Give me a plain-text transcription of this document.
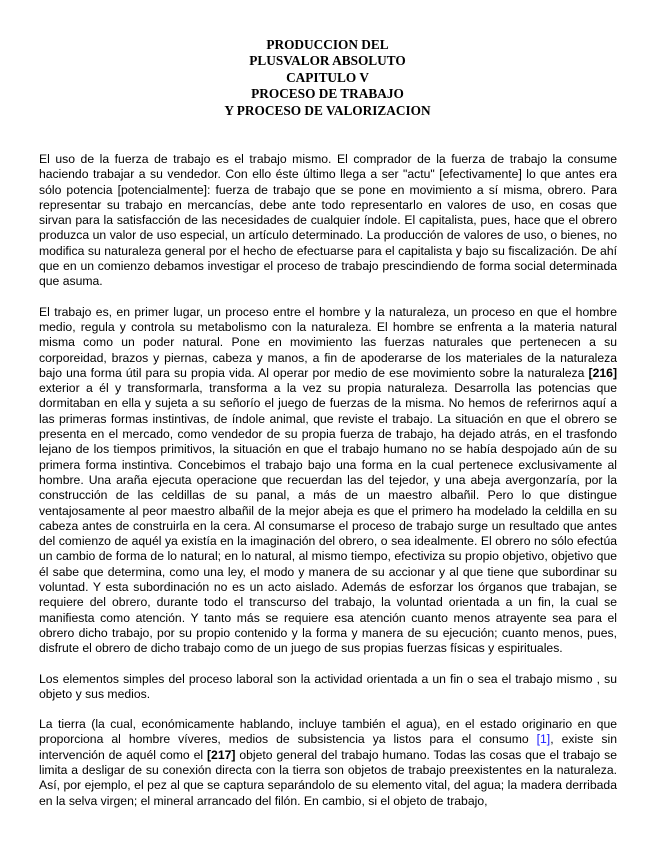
PRODUCCION DEL
PLUSVALOR ABSOLUTO
CAPITULO V
PROCESO DE TRABAJO
Y PROCESO DE VALORIZACION

El uso de la fuerza de trabajo es el trabajo mismo. El comprador de la fuerza de trabajo la consume haciendo trabajar a su vendedor. Con ello éste último llega a ser "actu" [efectivamente] lo que antes era sólo potencia [potencialmente]: fuerza de trabajo que se pone en movimiento a sí misma, obrero. Para representar su trabajo en mercancías, debe ante todo representarlo en valores de uso, en cosas que sirvan para la satisfacción de las necesidades de cualquier índole. El capitalista, pues, hace que el obrero produzca un valor de uso especial, un artículo determinado. La producción de valores de uso, o bienes, no modifica su naturaleza general por el hecho de efectuarse para el capitalista y bajo su fiscalización. De ahí que en un comienzo debamos investigar el proceso de trabajo prescindiendo de forma social determinada que asuma.

El trabajo es, en primer lugar, un proceso entre el hombre y la naturaleza, un proceso en que el hombre medio, regula y controla su metabolismo con la naturaleza. El hombre se enfrenta a la materia natural misma como un poder natural. Pone en movimiento las fuerzas naturales que pertenecen a su corporeidad, brazos y piernas, cabeza y manos, a fin de apoderarse de los materiales de la naturaleza bajo una forma útil para su propia vida. Al operar por medio de ese movimiento sobre la naturaleza [216] exterior a él y transformarla, transforma a la vez su propia naturaleza. Desarrolla las potencias que dormitaban en ella y sujeta a su señorío el juego de fuerzas de la misma. No hemos de referirnos aquí a las primeras formas instintivas, de índole animal, que reviste el trabajo. La situación en que el obrero se presenta en el mercado, como vendedor de su propia fuerza de trabajo, ha dejado atrás, en el trasfondo lejano de los tiempos primitivos, la situación en que el trabajo humano no se había despojado aún de su primera forma instintiva. Concebimos el trabajo bajo una forma en la cual pertenece exclusivamente al hombre. Una araña ejecuta operacione que recuerdan las del tejedor, y una abeja avergonzaría, por la construcción de las celdillas de su panal, a más de un maestro albañil. Pero lo que distingue ventajosamente al peor maestro albañil de la mejor abeja es que el primero ha modelado la celdilla en su cabeza antes de construirla en la cera. Al consumarse el proceso de trabajo surge un resultado que antes del comienzo de aquél ya existía en la imaginación del obrero, o sea idealmente. El obrero no sólo efectúa un cambio de forma de lo natural; en lo natural, al mismo tiempo, efectiviza su propio objetivo, objetivo que él sabe que determina, como una ley, el modo y manera de su accionar y al que tiene que subordinar su voluntad. Y esta subordinación no es un acto aislado. Además de esforzar los órganos que trabajan, se requiere del obrero, durante todo el transcurso del trabajo, la voluntad orientada a un fin, la cual se manifiesta como atención. Y tanto más se requiere esa atención cuanto menos atrayente sea para el obrero dicho trabajo, por su propio contenido y la forma y manera de su ejecución; cuanto menos, pues, disfrute el obrero de dicho trabajo como de un juego de sus propias fuerzas físicas y espirituales.

Los elementos simples del proceso laboral son la actividad orientada a un fin o sea el trabajo mismo , su objeto y sus medios.

La tierra (la cual, económicamente hablando, incluye también el agua), en el estado originario en que proporciona al hombre víveres, medios de subsistencia ya listos para el consumo [1], existe sin intervención de aquél como el [217] objeto general del trabajo humano. Todas las cosas que el trabajo se limita a desligar de su conexión directa con la tierra son objetos de trabajo preexistentes en la naturaleza. Así, por ejemplo, el pez al que se captura separándolo de su elemento vital, del agua; la madera derribada en la selva virgen; el mineral arrancado del filón. En cambio, si el objeto de trabajo,
